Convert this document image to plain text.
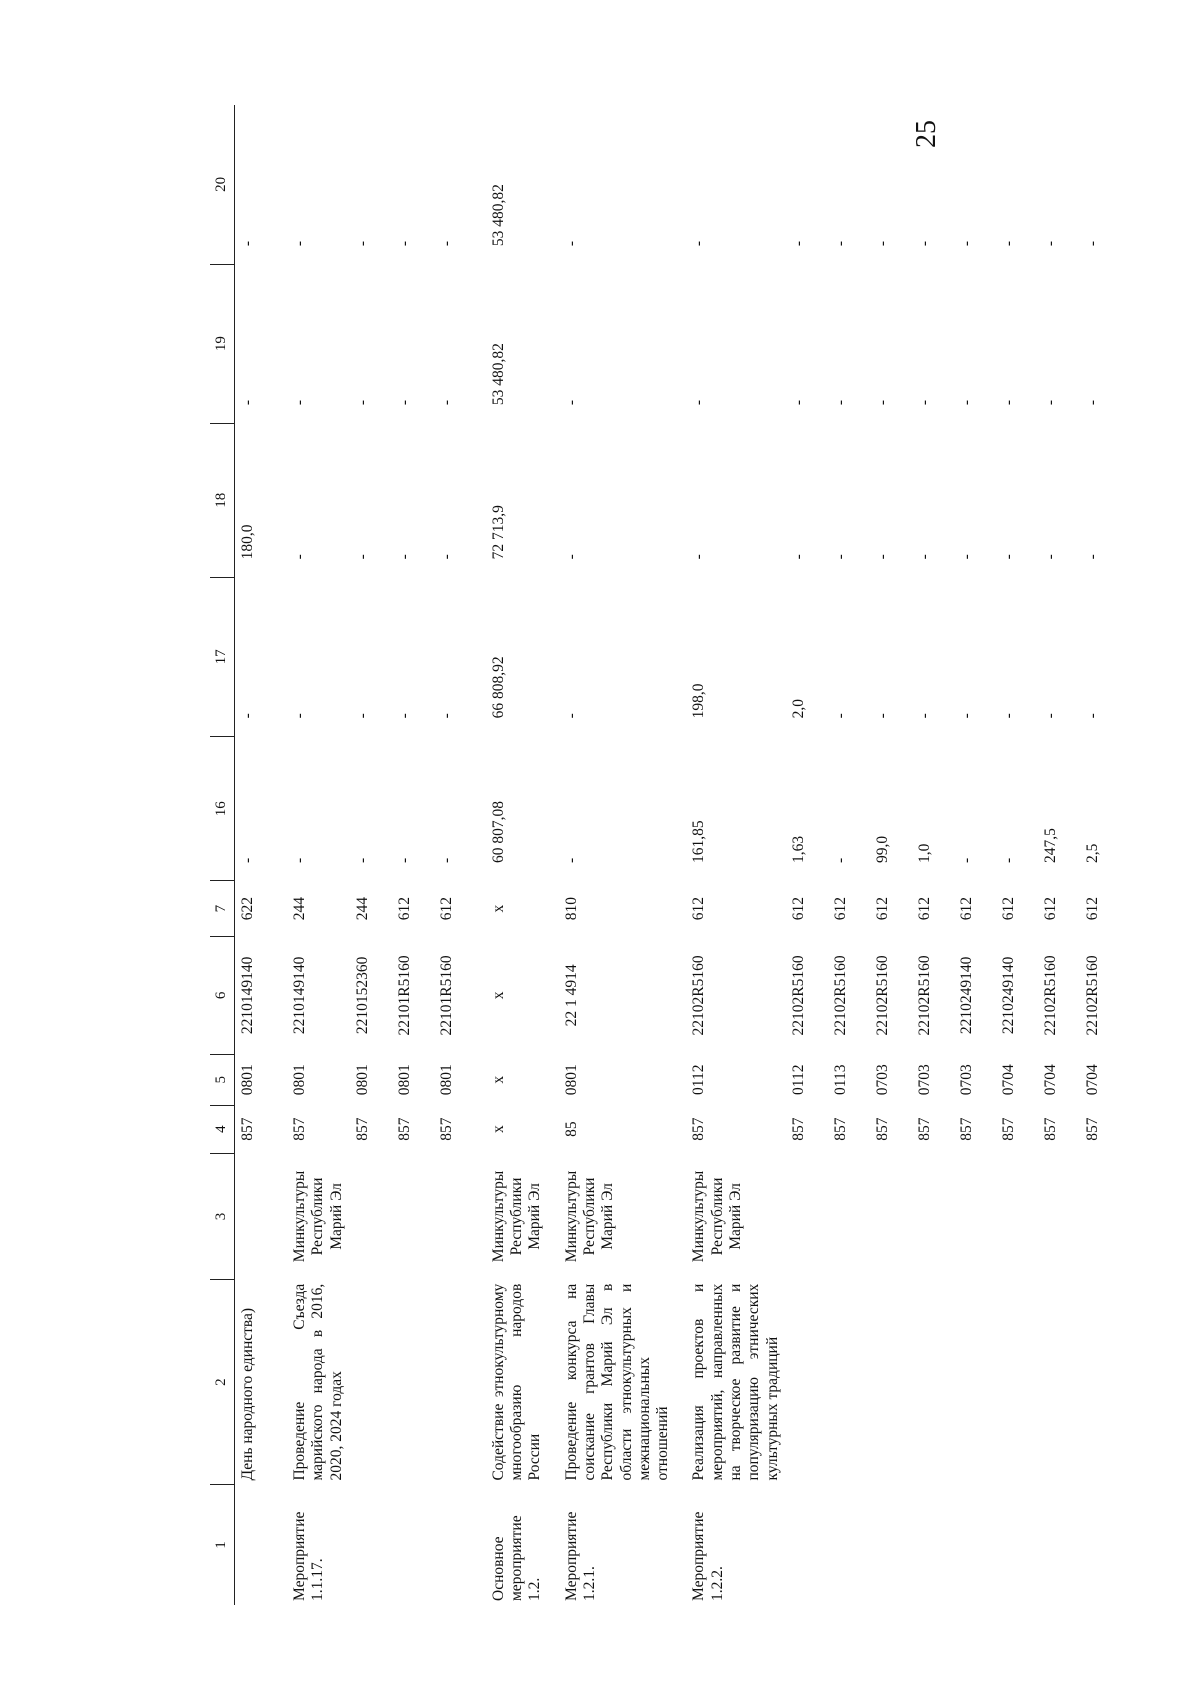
25
1	2	3	4	5	6	7	16	17	18	19	20
	День народного единства)		857	0801	2210149140	622	-	-	180,0	-	-
Мероприятие 1.1.17.	Проведение Съезда марийского народа в 2016, 2020, 2024 годах	Минкультуры Республики Марий Эл	857	0801	2210149140	244	-	-	-	-	-
			857	0801	2210152360	244	-	-	-	-	-
			857	0801	22101R5160	612	-	-	-	-	-
			857	0801	22101R5160	612	-	-	-	-	-
Основное мероприятие 1.2.	Содействие этнокультурному многообразию народов России	Минкультуры Республики Марий Эл	х	х	х	х	60 807,08	66 808,92	72 713,9	53 480,82	53 480,82
Мероприятие 1.2.1.	Проведение конкурса на соискание грантов Главы Республики Марий Эл в области этнокультурных и межнациональных отношений	Минкультуры Республики Марий Эл	85	0801	22 1 4914	810	-	-	-	-	-
Мероприятие 1.2.2.	Реализация проектов и мероприятий, направленных на творческое развитие и популяризацию этнических культурных традиций	Минкультуры Республики Марий Эл	857	0112	22102R5160	612	161,85	198,0	-	-	-
			857	0112	22102R5160	612	1,63	2,0	-	-	-
			857	0113	22102R5160	612	-	-	-	-	-
			857	0703	22102R5160	612	99,0	-	-	-	-
			857	0703	22102R5160	612	1,0	-	-	-	-
			857	0703	2210249140	612	-	-	-	-	-
			857	0704	2210249140	612	-	-	-	-	-
			857	0704	22102R5160	612	247,5	-	-	-	-
			857	0704	22102R5160	612	2,5	-	-	-	-
